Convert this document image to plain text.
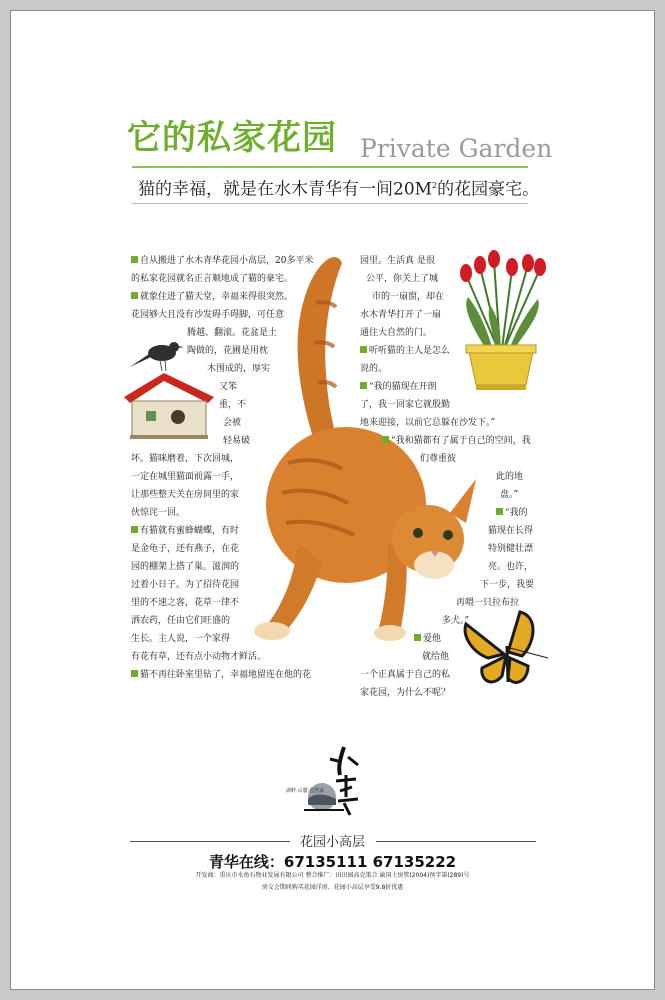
它的私家花园 Private Garden
猫的幸福，就是在水木青华有一间$20M^2$的花园豪宅。
自从搬进了水木青华花园小高层，20多平米
的私家花园就名正言顺地成了猫的豪宅。
就象住进了猫天堂，幸福来得很突然。
花园够大且没有沙发碍手碍脚，可任意
腾越、翻滚。花盆是土
陶做的，花圃是用枕
木围成的，厚实
又笨
重，不
会被
轻易破
坏。猫咪磨着，下次回城，
一定在城里猫面前露一手，
让那些整天关在房间里的家
伙惊诧一回。
有猫就有蜜蜂蝴蝶，有时
是金龟子，还有燕子，在花
园的棚架上搭了巢。滋润的
过着小日子。为了招待花园
里的不速之客，花草一律不
洒农药，任由它们旺盛的
生长。主人说，一个家得
有花有草，还有点小动物才鲜活。
猫不再往卧室里钻了，幸福地留连在他的花
园里。生活真 是很
公平，你关上了城
市的一扇窗，却在
水木青华打开了一扇
通往大自然的门。
听听猫的主人是怎么
说的。
“我的猫现在开朗
了，我一回家它就殷勤
地来迎接，以前它总躲在沙发下。”
“我和猫都有了属于自己的空间，我
们尊重彼
此的地
盘。”
“我的
猫现在长得
特别健壮漂
亮。也许，
下一步，我要
再喂一只拉布拉
多犬。”
爱他
就给他
一个正真属于自己的私
家花园，为什么不呢？
湖畔·山麓·自然家
花园小高层
青华在线：67135111 67135222
开发商：重庆市水鱼石物业发展有限公司 整合推广：田田园高克策合 渝国土房管(2004)预字第(289)号
房交会期间购买花园洋房、花园小高层享受9.8折优惠
